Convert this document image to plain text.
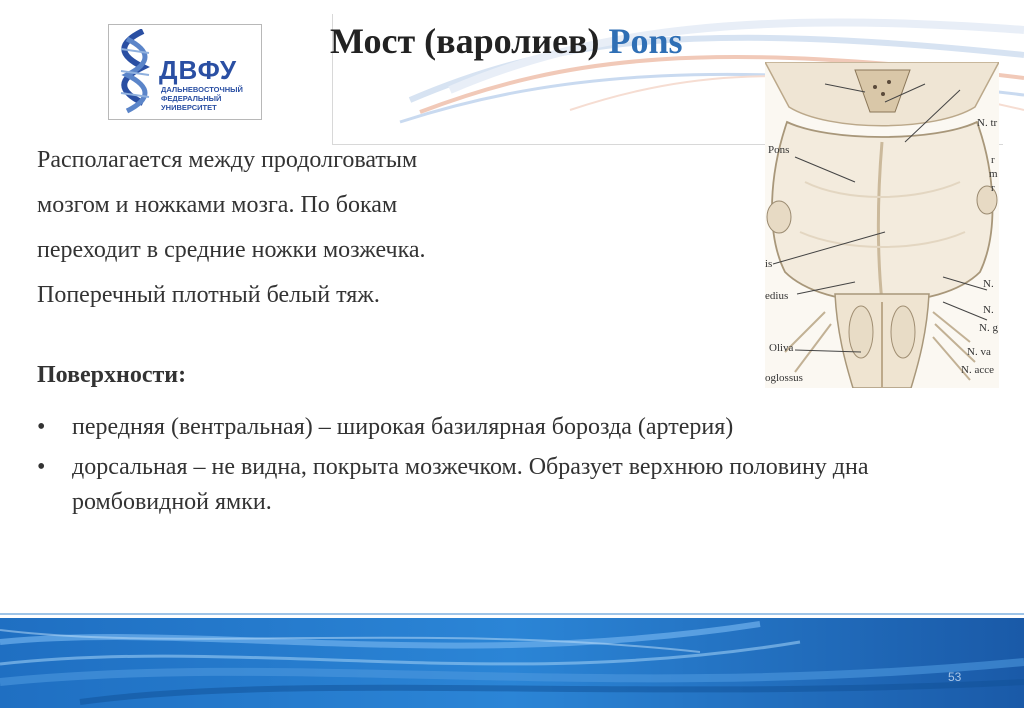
ДВФУ
ДАЛЬНЕВОСТОЧНЫЙ
ФЕДЕРАЛЬНЫЙ
УНИВЕРСИТЕТ
Мост (варолиев) Pons
Pons
N. tr
r
m
r
is
edius
N.
N.
N. g
Oliva	N. va
oglossus
N. acce
Располагается между продолговатым
мозгом и ножками мозга. По бокам
переходит в средние ножки мозжечка.
Поперечный плотный белый тяж.
Поверхности:
• передняя (вентральная) – широкая базилярная борозда (артерия)
• дорсальная – не видна, покрыта мозжечком. Образует верхнюю половину дна ромбовидной ямки.
53
